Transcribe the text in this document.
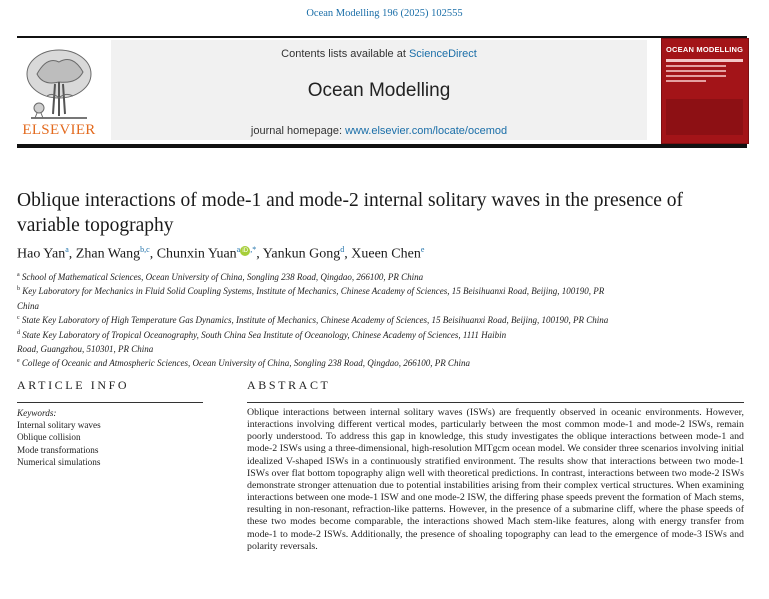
Ocean Modelling 196 (2025) 102555
ELSEVIER
Contents lists available at ScienceDirect
Ocean Modelling
journal homepage: www.elsevier.com/locate/ocemod
OCEAN MODELLING
Oblique interactions of mode-1 and mode-2 internal solitary waves in the presence of variable topography
Hao Yan$^a$, Zhan Wang$^{b,c}$, Chunxin Yuan$^a$ iD ,*, Yankun Gong$^d$, Xueen Chen$^e$
$^a$ School of Mathematical Sciences, Ocean University of China, Songling 238 Road, Qingdao, 266100, PR China
$^b$ Key Laboratory for Mechanics in Fluid Solid Coupling Systems, Institute of Mechanics, Chinese Academy of Sciences, 15 Beisihuanxi Road, Beijing, 100190, PR
China
$^c$ State Key Laboratory of High Temperature Gas Dynamics, Institute of Mechanics, Chinese Academy of Sciences, 15 Beisihuanxi Road, Beijing, 100190, PR China
$^d$ State Key Laboratory of Tropical Oceanography, South China Sea Institute of Oceanology, Chinese Academy of Sciences, 1111 Haibin
Road, Guangzhou, 510301, PR China
$^e$ College of Oceanic and Atmospheric Sciences, Ocean University of China, Songling 238 Road, Qingdao, 266100, PR China
ARTICLE INFO
Keywords:
Internal solitary waves
Oblique collision
Mode transformations
Numerical simulations
ABSTRACT

Oblique interactions between internal solitary waves (ISWs) are frequently observed in oceanic environments. However, interactions involving different vertical modes, particularly between the most common mode-1 and mode-2 ISWs, remain poorly understood. To address this gap in knowledge, this study investigates the oblique interactions between mode-1 and mode-2 ISWs using a three-dimensional, high-resolution MITgcm ocean model. We consider three scenarios involving initial idealized V-shaped ISWs in a continuously stratified environment. The results show that interactions between two mode-1 ISWs over flat bottom topography align well with theoretical predictions. In contrast, interactions between two mode-2 ISWs demonstrate stronger attenuation due to potential instabilities arising from their complex vertical structures. When examining interactions between one mode-1 ISW and one mode-2 ISW, the differing phase speeds prevent the formation of Mach stems, resulting in non-resonant, refraction-like patterns. However, in the presence of a submarine cliff, where the phase speeds of these two modes become comparable, the interactions showed Mach stem-like features, along with energy transfer from mode-1 to mode-2 ISWs. Additionally, the presence of shoaling topography can lead to the emergence of mode-3 ISWs and polarity reversals.
